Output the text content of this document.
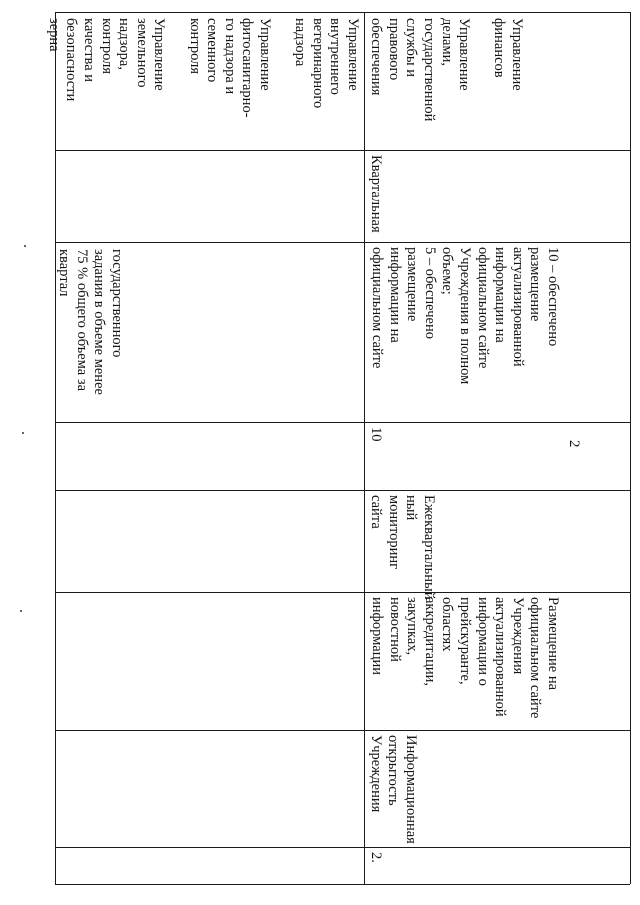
государственного
задания в объеме менее
75 % общего объема за
квартал
Управление
внутреннего
ветеринарного
надзора

Управление
фитосанитарно-
го надзора и
семенного
контроля

Управление
земельного
надзора,
контроля
качества и
безопасности
зерна
2.
Информационная
открытость
Учреждения
Размещение на
официальном сайте
Учреждения
актуализированной
информации о
прейскуранте,
областях
аккредитации,
закупках,
новостной
информации
Ежеквартальный
ный
мониторинг
сайта
10
10 – обеспечено
размещение
актуализированной
информации на
официальном сайте
Учреждения в полном
объеме;
5 – обеспечено
размещение
информации на
официальном сайте
Квартальная
Управление
финансов

Управление
делами,
государственной
службы и
правового
обеспечения
2
